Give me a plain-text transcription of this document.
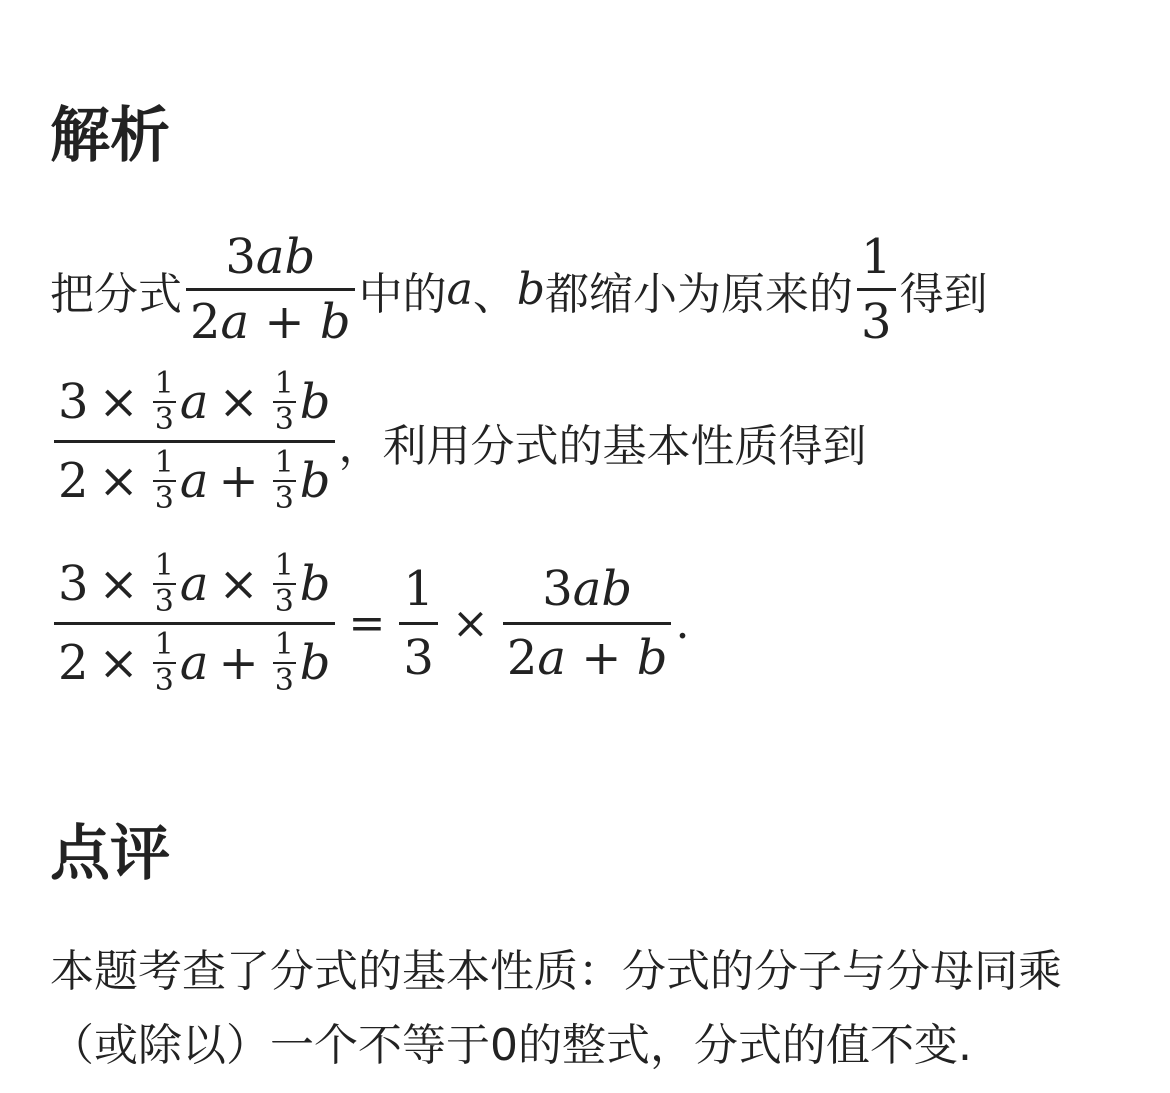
解析
把分式 $\frac{3 ab}{2 a + b}$ 中的 a 、 b 都缩小为原来的 $\frac{1}{3}$ 得到
$3 \times \frac{1}{3}$ $a \times \frac{1}{3}$ b
$2 \times \frac{1}{3}$ $a + \frac{1}{3}$ b
，利用分式的基本性质得到
$3 \times \frac{1}{3}$ $a \times \frac{1}{3}$ b
$2 \times \frac{1}{3}$ $a + \frac{1}{3}$ b
= $\frac{1}{3} \times \frac{3 ab}{2 a + b}$ .
点评

本题考查了分式的基本性质：分式的分子与分母同乘（或除以）一个不等于0的整式，分式的值不变.
